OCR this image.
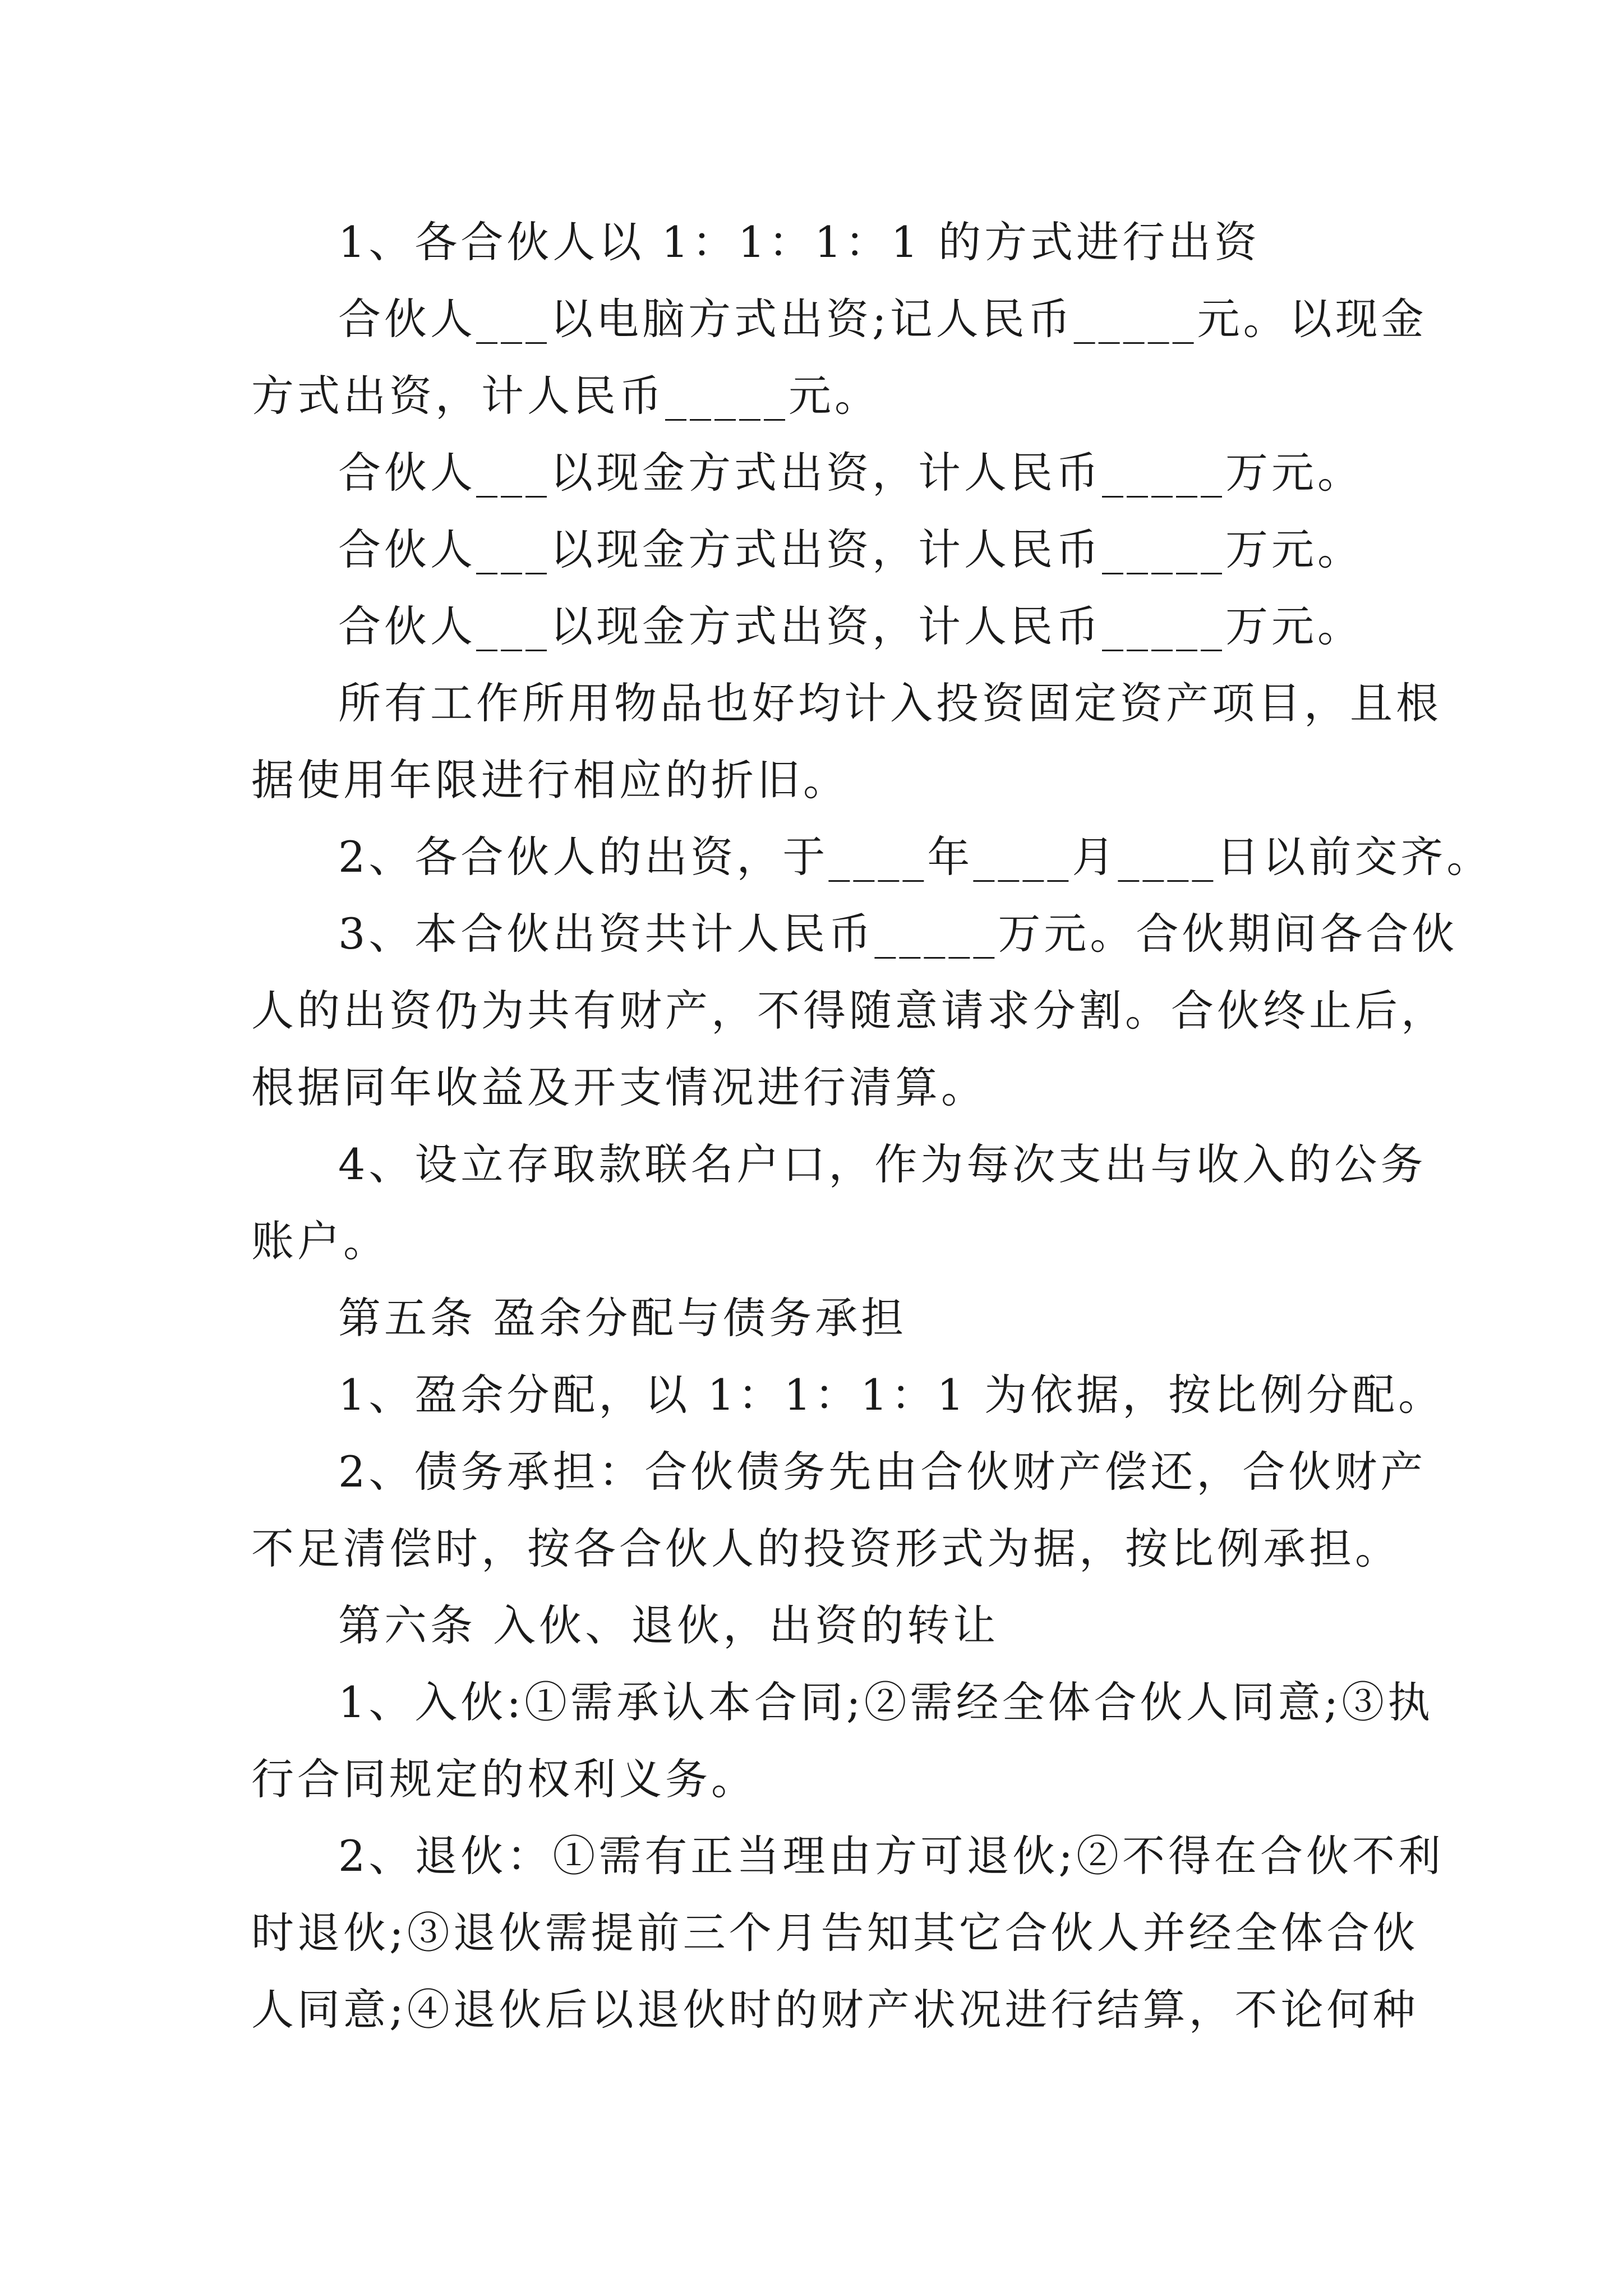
1、各合伙人以 1：1：1：1 的方式进行出资
合伙人___以电脑方式出资;记人民币_____元。以现金
方式出资，计人民币_____元。
合伙人___以现金方式出资，计人民币_____万元。
合伙人___以现金方式出资，计人民币_____万元。
合伙人___以现金方式出资，计人民币_____万元。
所有工作所用物品也好均计入投资固定资产项目，且根
据使用年限进行相应的折旧。
2、各合伙人的出资，于____年____月____日以前交齐。
3、本合伙出资共计人民币_____万元。合伙期间各合伙
人的出资仍为共有财产，不得随意请求分割。合伙终止后，
根据同年收益及开支情况进行清算。
4、设立存取款联名户口，作为每次支出与收入的公务
账户。
第五条 盈余分配与债务承担
1、盈余分配，以 1：1：1：1 为依据，按比例分配。
2、债务承担：合伙债务先由合伙财产偿还，合伙财产
不足清偿时，按各合伙人的投资形式为据，按比例承担。
第六条 入伙、退伙，出资的转让
1、入伙:①需承认本合同;②需经全体合伙人同意;③执
行合同规定的权利义务。
2、退伙：①需有正当理由方可退伙;②不得在合伙不利
时退伙;③退伙需提前三个月告知其它合伙人并经全体合伙
人同意;④退伙后以退伙时的财产状况进行结算，不论何种
